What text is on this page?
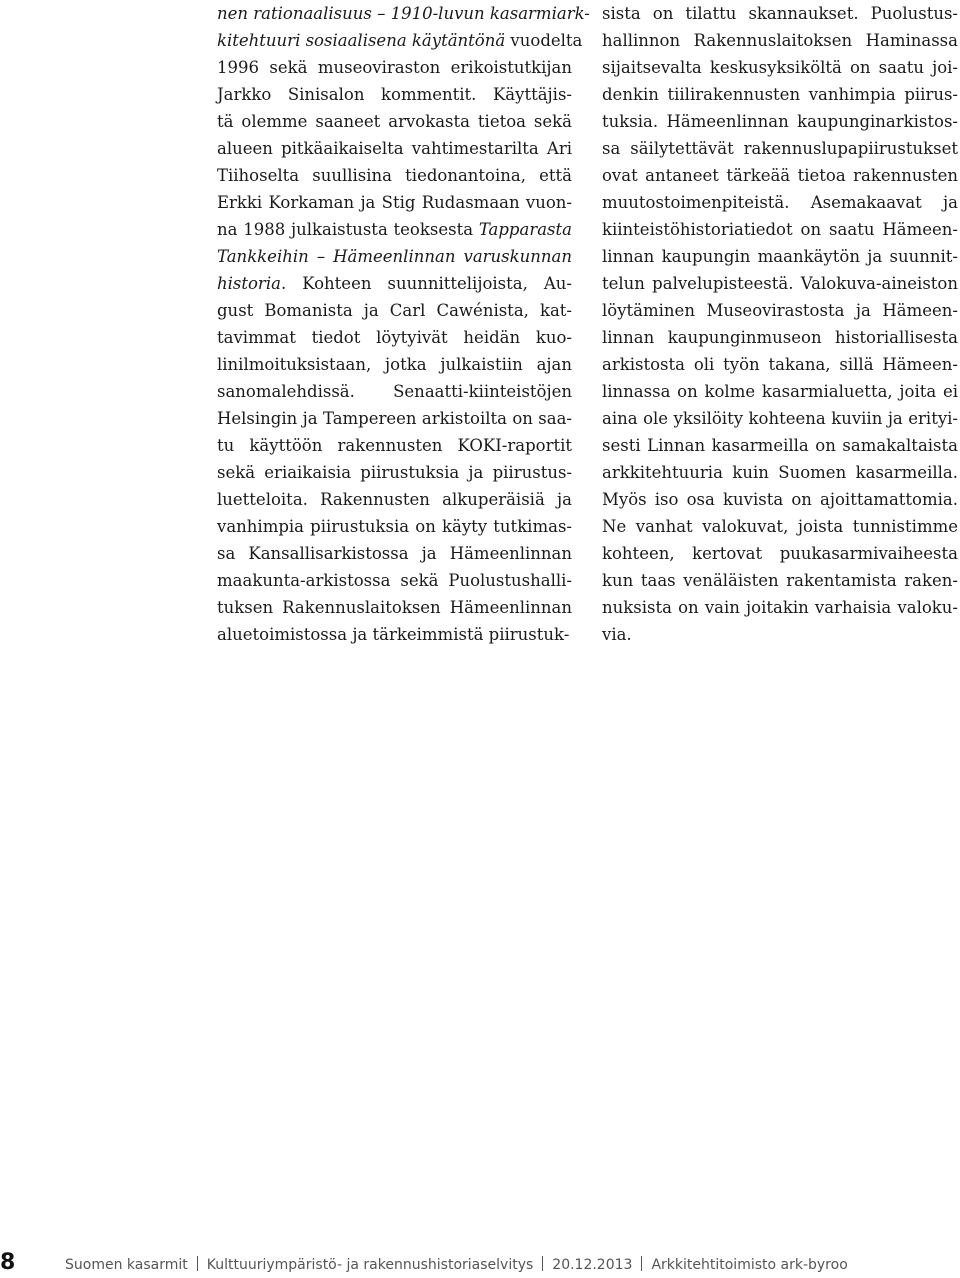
nen rationaalisuus – 1910-luvun kasarmiark-
kitehtuuri sosiaalisena käytäntönä vuodelta
1996 sekä museoviraston erikoistutkijan
Jarkko Sinisalon kommentit. Käyttäjis-
tä olemme saaneet arvokasta tietoa sekä
alueen pitkäaikaiselta vahtimestarilta Ari
Tiihoselta suullisina tiedonantoina, että
Erkki Korkaman ja Stig Rudasmaan vuon-
na 1988 julkaistusta teoksesta Tapparasta
Tankkeihin – Hämeenlinnan varuskunnan
historia. Kohteen suunnittelijoista, Au-
gust Bomanista ja Carl Cawénista, kat-
tavimmat tiedot löytyivät heidän kuo-
linilmoituksistaan, jotka julkaistiin ajan
sanomalehdissä. Senaatti-kiinteistöjen
Helsingin ja Tampereen arkistoilta on saa-
tu käyttöön rakennusten KOKI-raportit
sekä eriaikaisia piirustuksia ja piirustus-
luetteloita. Rakennusten alkuperäisiä ja
vanhimpia piirustuksia on käyty tutkimas-
sa Kansallisarkistossa ja Hämeenlinnan
maakunta-arkistossa sekä Puolustushalli-
tuksen Rakennuslaitoksen Hämeenlinnan
aluetoimistossa ja tärkeimmistä piirustuk-
sista on tilattu skannaukset. Puolustus-
hallinnon Rakennuslaitoksen Haminassa
sijaitsevalta keskusyksiköltä on saatu joi-
denkin tiilirakennusten vanhimpia piirus-
tuksia. Hämeenlinnan kaupunginarkistos-
sa säilytettävät rakennuslupapiirustukset
ovat antaneet tärkeää tietoa rakennusten
muutostoimenpiteistä. Asemakaavat ja
kiinteistöhistoriatiedot on saatu Hämeen-
linnan kaupungin maankäytön ja suunnit-
telun palvelupisteestä. Valokuva-aineiston
löytäminen Museovirastosta ja Hämeen-
linnan kaupunginmuseon historiallisesta
arkistosta oli työn takana, sillä Hämeen-
linnassa on kolme kasarmialuetta, joita ei
aina ole yksilöity kohteena kuviin ja erityi-
sesti Linnan kasarmeilla on samakaltaista
arkkitehtuuria kuin Suomen kasarmeilla.
Myös iso osa kuvista on ajoittamattomia.
Ne vanhat valokuvat, joista tunnistimme
kohteen, kertovat puukasarmivaiheesta
kun taas venäläisten rakentamista raken-
nuksista on vain joitakin varhaisia valoku-
via.
8	Suomen kasarmit Kulttuuriympäristö- ja rakennushistoriaselvitys 20.12.2013 Arkkitehtitoimisto ark-byroo
